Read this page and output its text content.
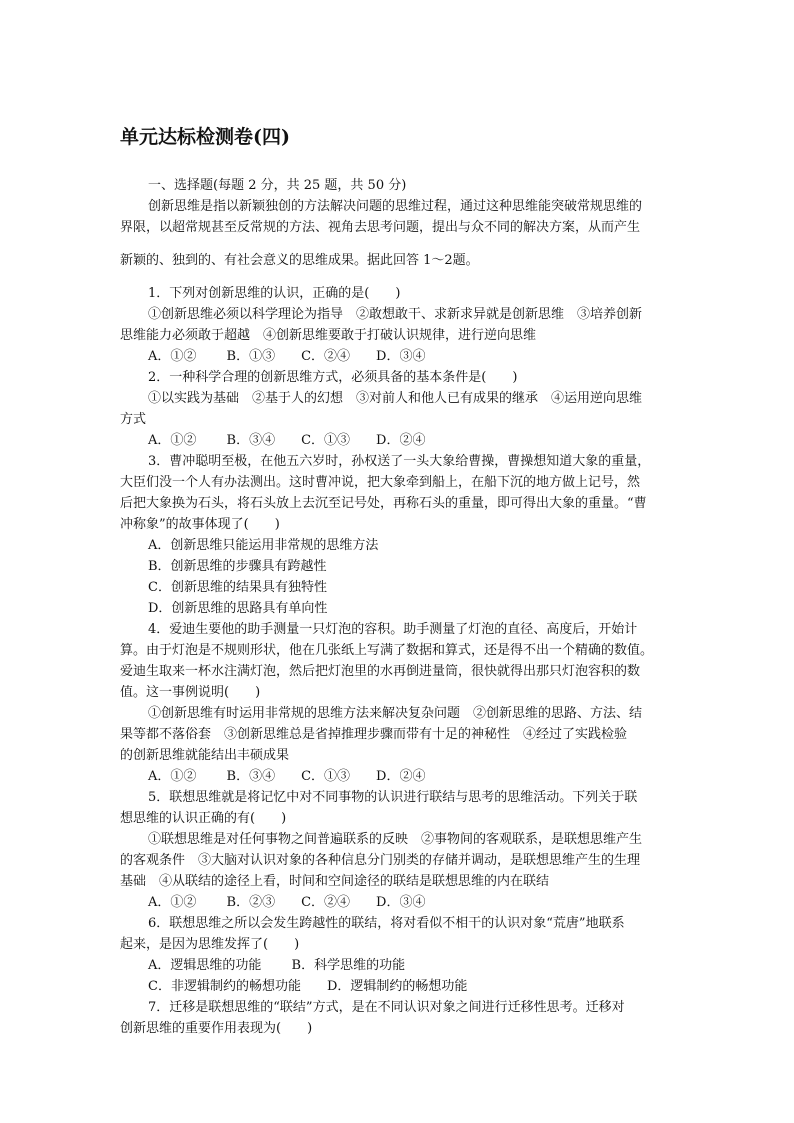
单元达标检测卷(四)
一、选择题(每题 2 分，共 25 题，共 50 分)
创新思维是指以新颖独创的方法解决问题的思维过程，通过这种思维能突破常规思维的
界限，以超常规甚至反常规的方法、视角去思考问题，提出与众不同的解决方案，从而产生
新颖的、独到的、有社会意义的思维成果。据此回答 1～2题。
1．下列对创新思维的认识，正确的是(　　)
①创新思维必须以科学理论为指导　②敢想敢干、求新求异就是创新思维　③培养创新
思维能力必须敢于超越　④创新思维要敢于打破认识规律，进行逆向思维
A．①②　　 B．①③　　C．②④　　D．③④
2．一种科学合理的创新思维方式，必须具备的基本条件是(　　)
①以实践为基础　②基于人的幻想　③对前人和他人已有成果的继承　④运用逆向思维
方式
A．①②　　 B．③④　　C．①③　　D．②④
3．曹冲聪明至极，在他五六岁时，孙权送了一头大象给曹操，曹操想知道大象的重量，
大臣们没一个人有办法测出。这时曹冲说，把大象牵到船上，在船下沉的地方做上记号，然
后把大象换为石头，将石头放上去沉至记号处，再称石头的重量，即可得出大象的重量。“曹
冲称象”的故事体现了(　　)
A．创新思维只能运用非常规的思维方法
B．创新思维的步骤具有跨越性
C．创新思维的结果具有独特性
D．创新思维的思路具有单向性
4．爱迪生要他的助手测量一只灯泡的容积。助手测量了灯泡的直径、高度后，开始计
算。由于灯泡是不规则形状，他在几张纸上写满了数据和算式，还是得不出一个精确的数值。
爱迪生取来一杯水注满灯泡，然后把灯泡里的水再倒进量筒，很快就得出那只灯泡容积的数
值。这一事例说明(　　)
①创新思维有时运用非常规的思维方法来解决复杂问题　②创新思维的思路、方法、结
果等都不落俗套　③创新思维总是省掉推理步骤而带有十足的神秘性　④经过了实践检验
的创新思维就能结出丰硕成果
A．①②　　 B．③④　　C．①③　　D．②④
5．联想思维就是将记忆中对不同事物的认识进行联结与思考的思维活动。下列关于联
想思维的认识正确的有(　　)
①联想思维是对任何事物之间普遍联系的反映　②事物间的客观联系，是联想思维产生
的客观条件　③大脑对认识对象的各种信息分门别类的存储并调动，是联想思维产生的生理
基础　④从联结的途径上看，时间和空间途径的联结是联想思维的内在联结
A．①②　　 B．②③　　C．②④　　D．③④
6．联想思维之所以会发生跨越性的联结，将对看似不相干的认识对象“荒唐”地联系
起来，是因为思维发挥了(　　)
A．逻辑思维的功能　　 B．科学思维的功能
C．非逻辑制约的畅想功能　　D．逻辑制约的畅想功能
7．迁移是联想思维的“联结”方式，是在不同认识对象之间进行迁移性思考。迁移对
创新思维的重要作用表现为(　　)
